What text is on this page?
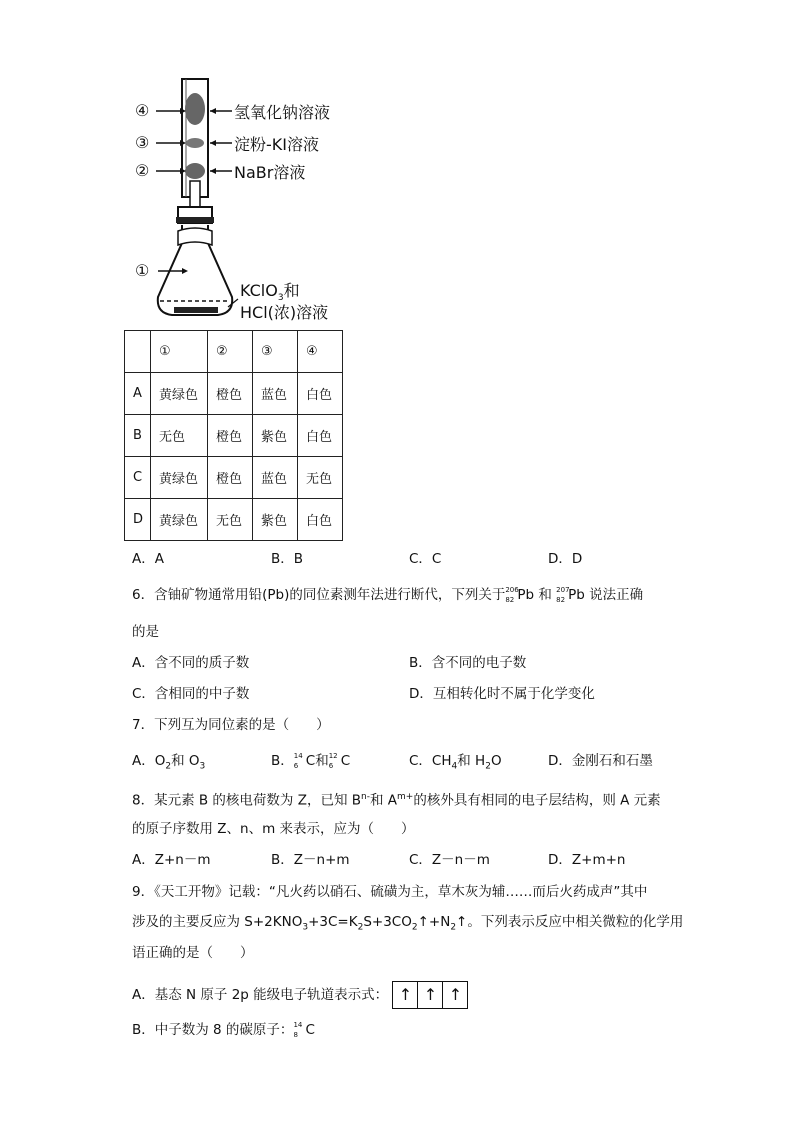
④
③
②
①
氢氧化钠溶液
淀粉-KI溶液
NaBr溶液
KClO$_3$和
HCl(浓)溶液
	①	②	③	④
A	黄绿色	橙色	蓝色	白色
B	无色	橙色	紫色	白色
C	黄绿色	橙色	蓝色	无色
D	黄绿色	无色	紫色	白色
A．A	B．B	C．C	D．D
6．含铀矿物通常用铅(Pb)的同位素测年法进行断代，下列关于 206
82 Pb 和 207
82 Pb 说法正确
的是
A．含不同的质子数	B．含不同的电子数
C．含相同的中子数	D．互相转化时不属于化学变化
7．下列互为同位素的是（　　）
A．$O_2$和 $O_3$	B． 14
6 C和 12
6 C	C．$CH_4$和 $H_2O$	D．金刚石和石墨
8．某元素 B 的核电荷数为 Z，已知 $B^{n-}$和 $A^{m+}$的核外具有相同的电子层结构，则 A 元素
的原子序数用 Z、n、m 来表示，应为（　　）
A．Z+n－m	B．Z－n+m	C．Z－n－m	D．Z+m+n
9．《天工开物》记载：“凡火药以硝石、硫磺为主，草木灰为辅……而后火药成声”其中
涉及的主要反应为 $S+2KNO_3+3C=K_2S+3CO_2↑+N_2↑$。下列表示反应中相关微粒的化学用
语正确的是（　　）
A．基态 N 原子 2p 能级电子轨道表示式： ↑ ↑ ↑
B．中子数为 8 的碳原子： 14
8 C
